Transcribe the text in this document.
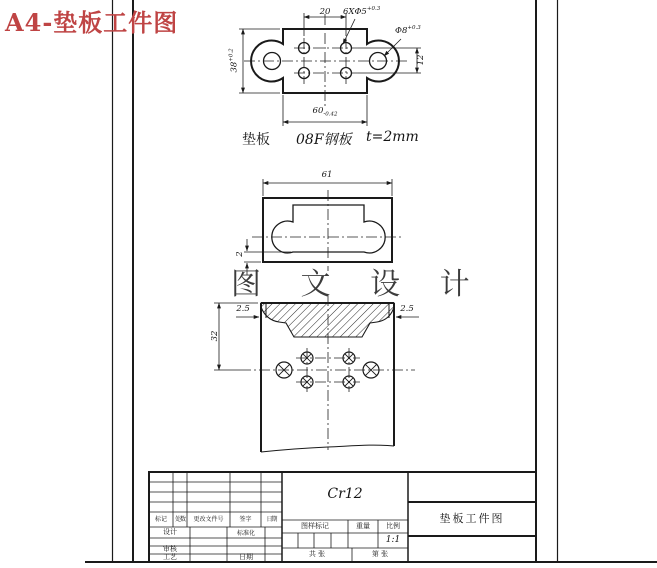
A4-垫板工件图	20	$6X\Phi 5^{+0.3}$
$\Phi 8^{+0.3}$
$38^{+0.2}$	12
$60_{-0.42}$
垫板 08F钢板 t=2mm
61
2
图 文 设 计
2.5	2.5
32
标记	处数	更改文件号	签字	日期
设计	标准化
审核
工艺	日期
Cr12
图样标记	重量	比例
1:1
共 张	第 张
垫板工件图
